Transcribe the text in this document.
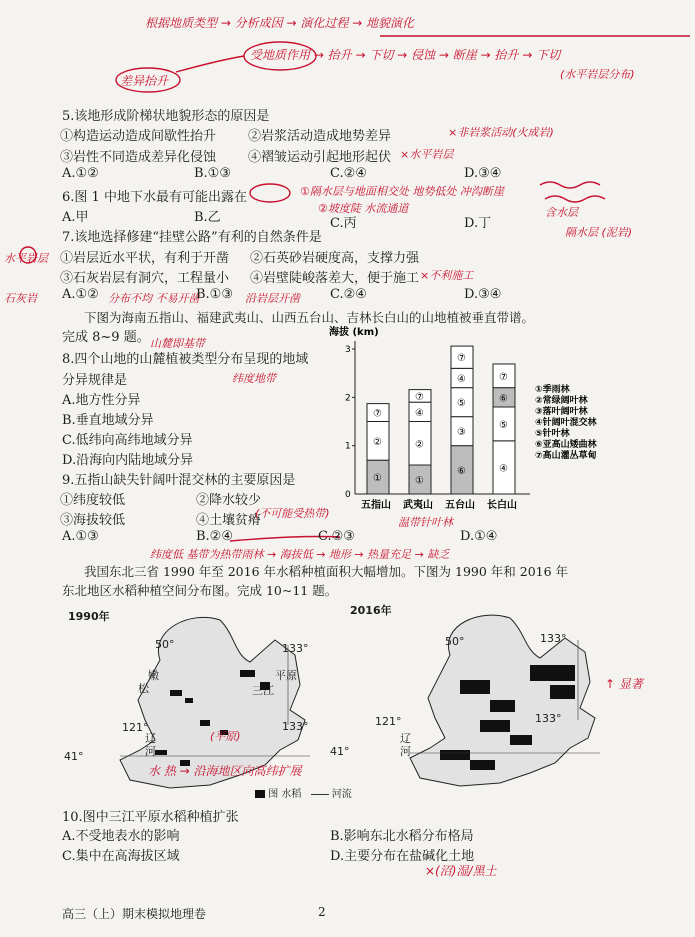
根据地质类型 → 分析成因 → 演化过程 → 地貌演化
受地质作用 → 抬升 → 下切 → 侵蚀 → 断崖 → 抬升 → 下切
(水平岩层分布)
差异抬升
5.该地形成阶梯状地貌形态的原因是
①构造运动造成间歇性抬升 ②岩浆活动造成地势差异	×非岩浆活动(火成岩)
③岩性不同造成差异化侵蚀 ④褶皱运动引起地形起伏 ×水平岩层
A.①②	B.①③	C.②④	D.③④
6.图 1 中地下水最有可能出露在	①隔水层与地面相交处 地势低处 冲沟断崖
含水层
A.甲	B.乙
②坡度陡 水流通道
C.丙	D.丁
隔水层 (泥岩)
7.该地选择修建“挂壁公路”有利的自然条件是
水平岩层 ①岩层近水平状，有利于开凿 ②石英砂岩硬度高，支撑力强
③石灰岩层有洞穴，工程量小 ④岩壁陡峻落差大，便于施工 ×不利施工
石灰岩 A.①② 分布不均 不易开凿
B.①③ 沿岩层开凿 C.②④	D.③④
下图为海南五指山、福建武夷山、山西五台山、吉林长白山的山地植被垂直带谱。
完成 8~9 题。
8.四个山地的山麓植被类型分布呈现的地域
山麓即基带
分异规律是	纬度地带
A.地方性分异
B.垂直地域分异
C.低纬向高纬地域分异
D.沿海向内陆地域分异
9.五指山缺失针阔叶混交林的主要原因是
①纬度较低	②降水较少
③海拔较低	④土壤贫瘠
(不可能受热带)
A.①③	B.②④	C.②③	D.①④
纬度低 基带为热带雨林 → 海拔低 → 地形 → 热量充足 → 缺乏
温带针叶林
海拔 (km)
1
2
3
0
①
②
⑦
五指山
①
②
④
⑦
武夷山
⑥
③
⑤
④
⑦
五台山
④
⑤
⑥
⑦
长白山
①季雨林
②常绿阔叶林
③落叶阔叶林
④针阔叶混交林
⑤针叶林
⑥亚高山矮曲林
⑦高山灌丛草甸
我国东北三省 1990 年至 2016 年水稻种植面积大幅增加。下图为 1990 年和 2016 年
东北地区水稻种植空间分布图。完成 10~11 题。
1990年	2016年
50°	133°
133°
121°
41°
三江
平原
松
嫩
辽
河
50°	133°
133°
121°
41°
辽
河
(平原)
水 热 → 沿海地区向高纬扩展
↑ 显著
图 水稻	河流
10.图中三江平原水稻种植扩张
A.不受地表水的影响	B.影响东北水稻分布格局
C.集中在高海拔区域	D.主要分布在盐碱化土地
×(沼)湿/黑土
高三（上）期末模拟地理卷	2
